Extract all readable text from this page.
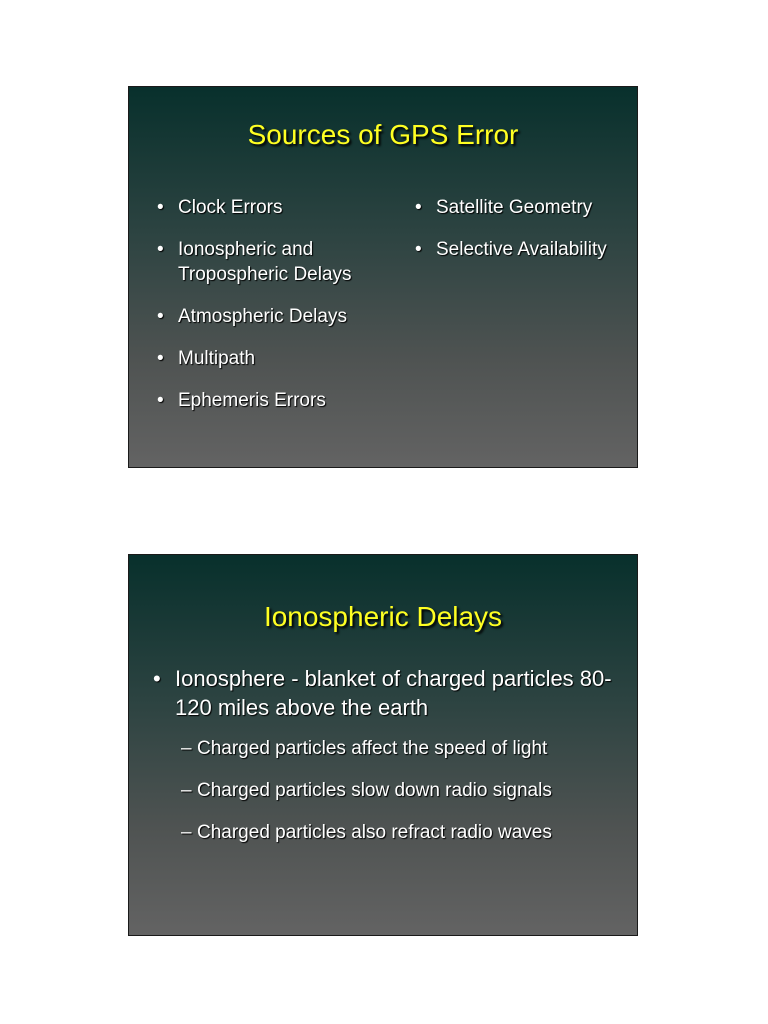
Sources of GPS Error
• Clock Errors
• Ionospheric and Tropospheric Delays
• Atmospheric Delays
• Multipath
• Ephemeris Errors
• Satellite Geometry
• Selective Availability
Ionospheric Delays
• Ionosphere - blanket of charged particles 80-120 miles above the earth
– Charged particles affect the speed of light
– Charged particles slow down radio signals
– Charged particles also refract radio waves
